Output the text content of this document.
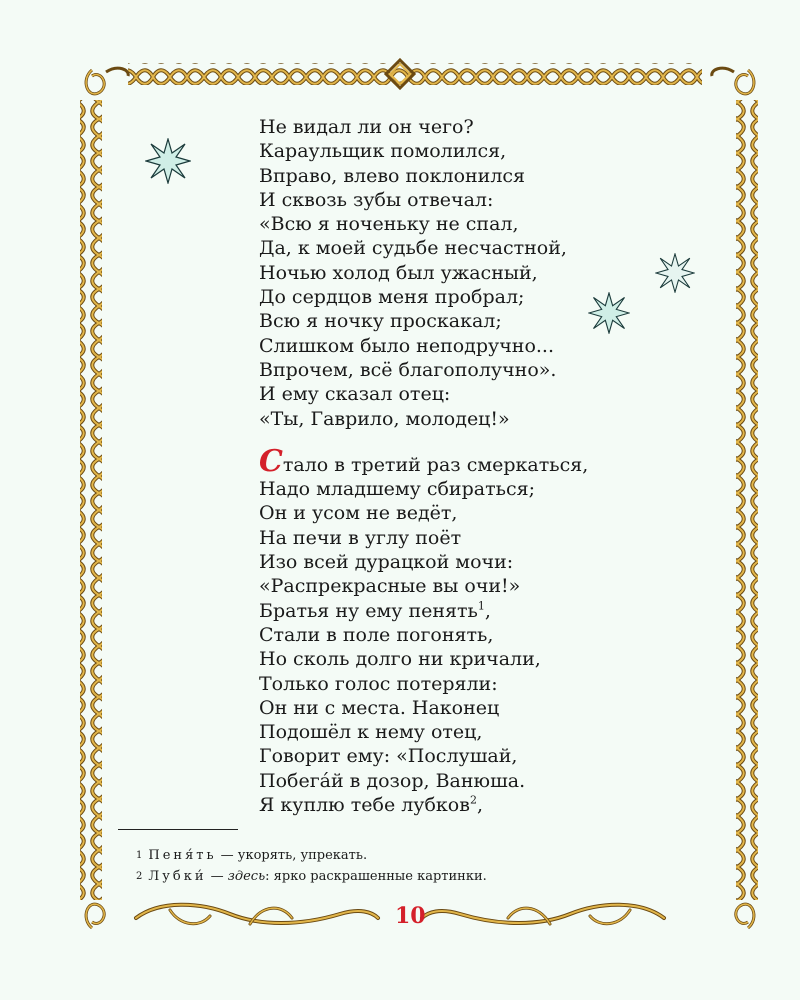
Не видал ли он чего?
Караульщик помолился,
Вправо, влево поклонился
И сквозь зубы отвечал:
«Всю я ноченьку не спал,
Да, к моей судьбе несчастной,
Ночью холод был ужасный,
До сердцов меня пробрал;
Всю я ночку проскакал;
Слишком было неподручно...
Впрочем, всё благополучно».
И ему сказал отец:
«Ты, Гаврило, молодец!»
Стало в третий раз смеркаться,
Надо младшему сбираться;
Он и усом не ведёт,
На печи в углу поёт
Изо всей дурацкой мочи:
«Распрекрасные вы очи!»
Братья ну ему пенять$^1$,
Стали в поле погонять,
Но сколь долго ни кричали,
Только голос потеряли:
Он ни с места. Наконец
Подошёл к нему отец,
Говорит ему: «Послушай,
Побега́й в дозор, Ванюша.
Я куплю тебе лубков$^2$,
$^1$ Пеня́ть — укорять, упрекать.
$^2$ Лубки́ — здесь: ярко раскрашенные картинки.
10
